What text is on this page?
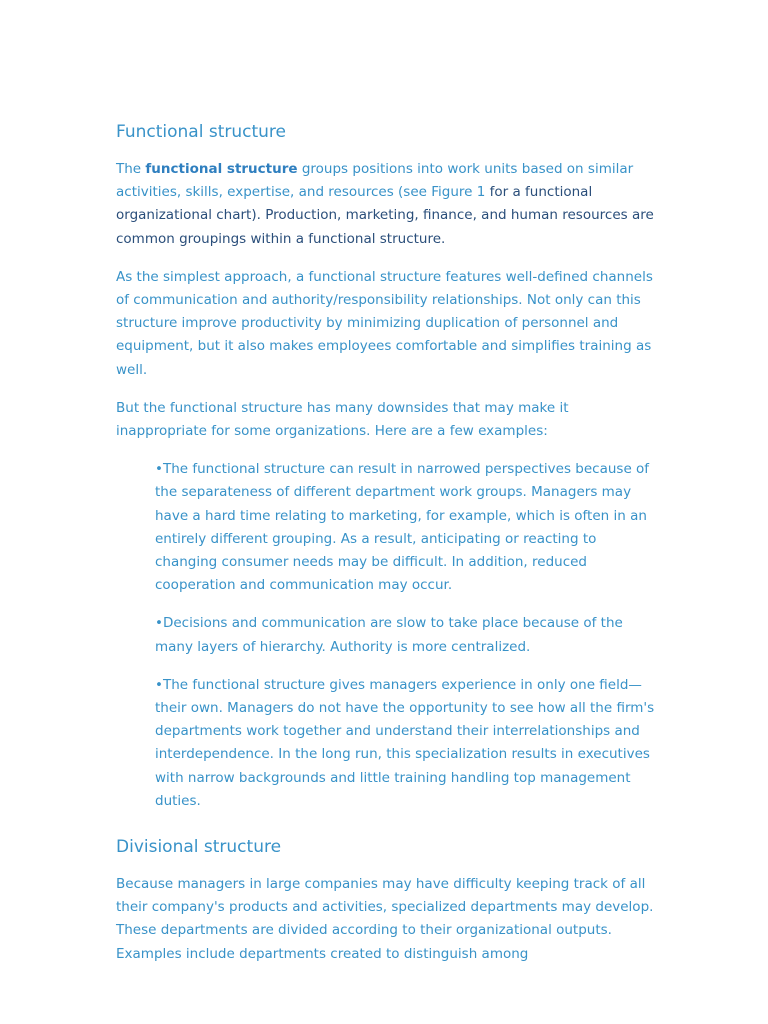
Functional structure

The functional structure groups positions into work units based on similar activities, skills, expertise, and resources (see Figure 1 for a functional organizational chart). Production, marketing, finance, and human resources are common groupings within a functional structure.

As the simplest approach, a functional structure features well-defined channels of communication and authority/responsibility relationships. Not only can this structure improve productivity by minimizing duplication of personnel and equipment, but it also makes employees comfortable and simplifies training as well.

But the functional structure has many downsides that may make it inappropriate for some organizations. Here are a few examples:

•The functional structure can result in narrowed perspectives because of the separateness of different department work groups. Managers may have a hard time relating to marketing, for example, which is often in an entirely different grouping. As a result, anticipating or reacting to changing consumer needs may be difficult. In addition, reduced cooperation and communication may occur.

•Decisions and communication are slow to take place because of the many layers of hierarchy. Authority is more centralized.

•The functional structure gives managers experience in only one field—their own. Managers do not have the opportunity to see how all the firm's departments work together and understand their interrelationships and interdependence. In the long run, this specialization results in executives with narrow backgrounds and little training handling top management duties.

Divisional structure

Because managers in large companies may have difficulty keeping track of all their company's products and activities, specialized departments may develop. These departments are divided according to their organizational outputs. Examples include departments created to distinguish among
